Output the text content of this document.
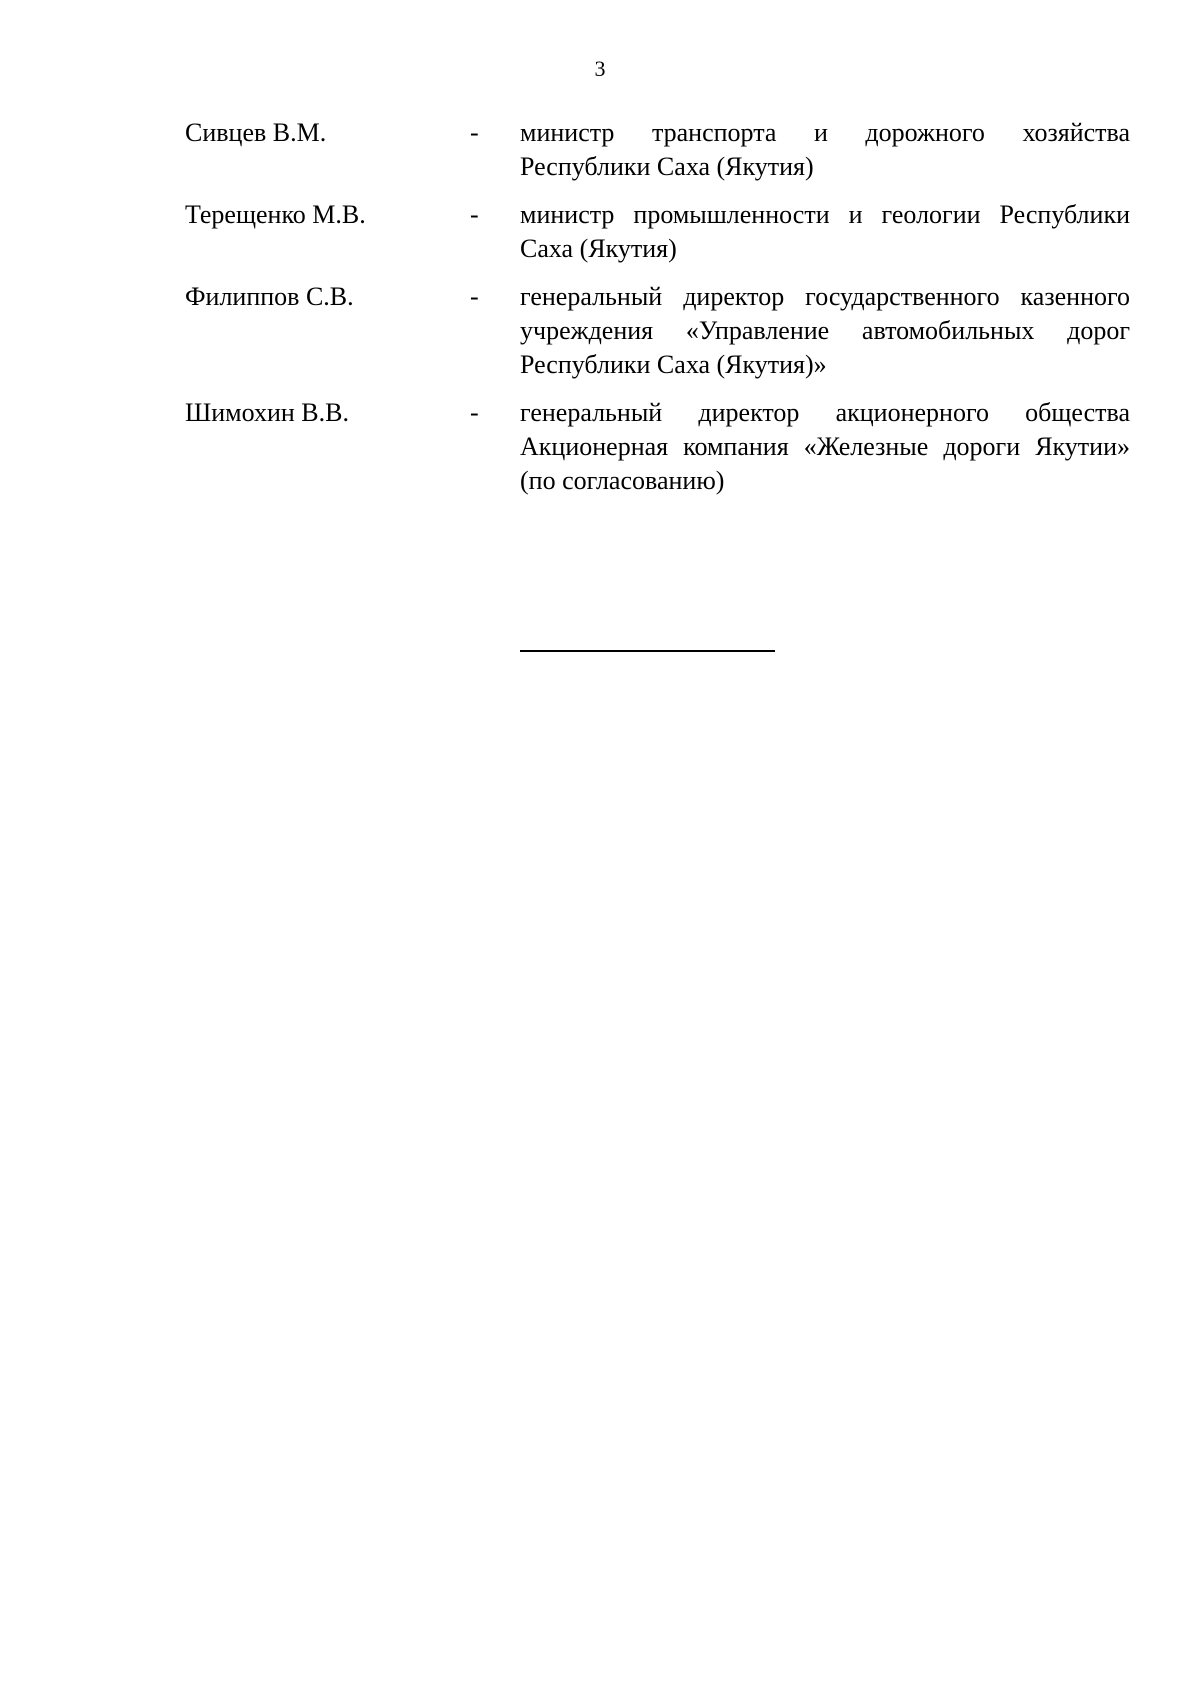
3
Сивцев В.М.	-	министр транспорта и дорожного хозяйства Республики Саха (Якутия)
Терещенко М.В.	-	министр промышленности и геологии Республики Саха (Якутия)
Филиппов С.В.	-	генеральный директор государственного казенного учреждения «Управление автомобильных дорог Республики Саха (Якутия)»
Шимохин В.В.	-	генеральный директор акционерного общества Акционерная компания «Железные дороги Якутии» (по согласованию)
